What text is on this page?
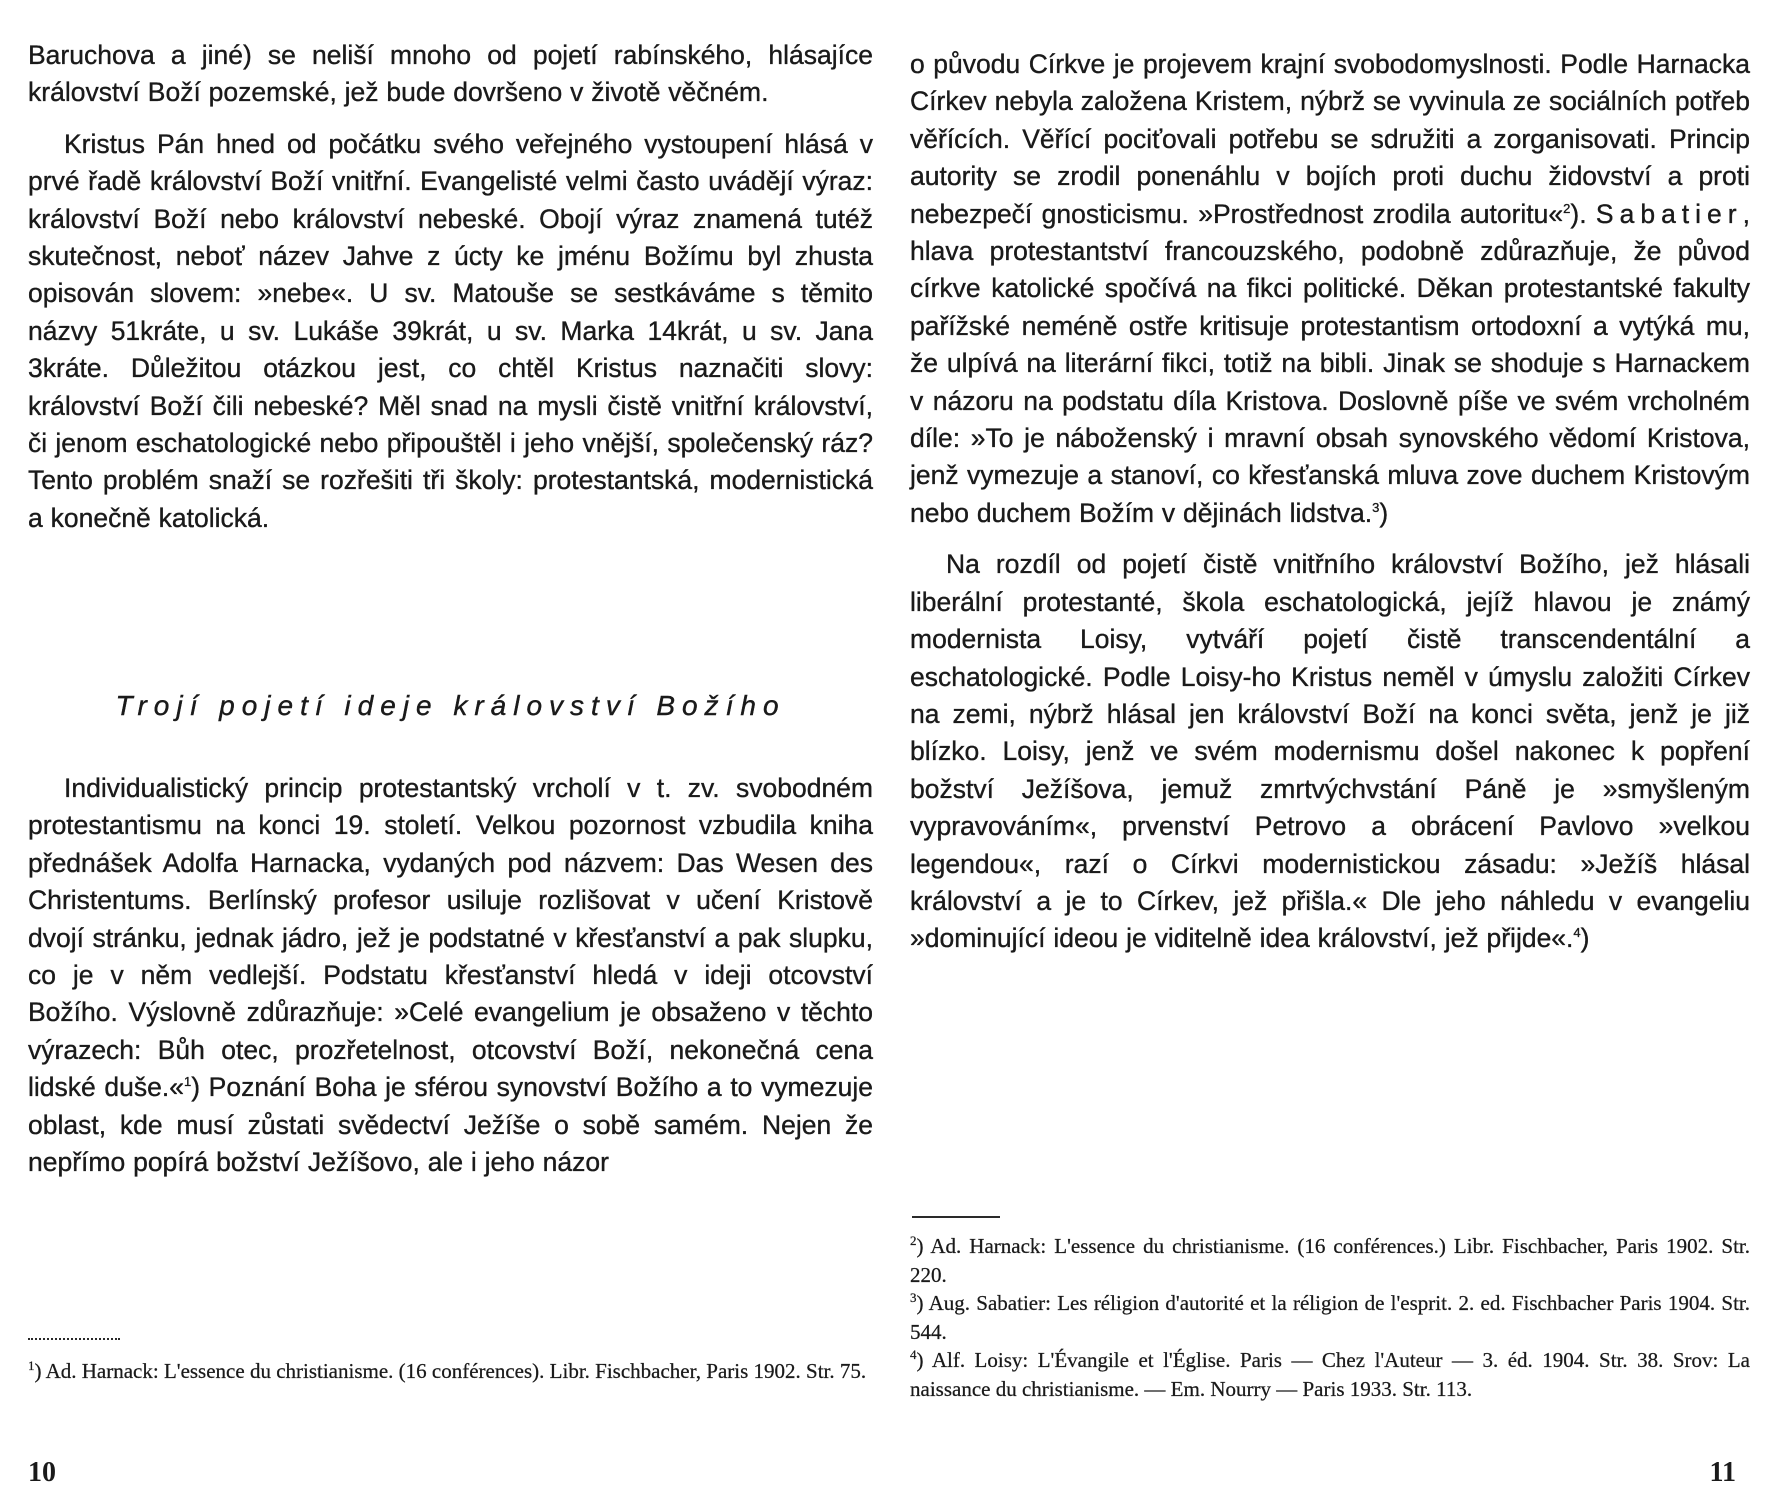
Baruchova a jiné) se neliší mnoho od pojetí rabínského, hlásajíce království Boží pozemské, jež bude dovršeno v životě věčném.

Kristus Pán hned od počátku svého veřejného vystoupení hlásá v prvé řadě království Boží vnitřní. Evangelisté velmi často uvádějí výraz: království Boží nebo království nebeské. Obojí výraz znamená tutéž skutečnost, neboť název Jahve z úcty ke jménu Božímu byl zhusta opisován slovem: »nebe«. U sv. Matouše se sestkáváme s těmito názvy 51kráte, u sv. Lukáše 39krát, u sv. Marka 14krát, u sv. Jana 3kráte. Důležitou otázkou jest, co chtěl Kristus naznačiti slovy: království Boží čili nebeské? Měl snad na mysli čistě vnitřní království, či jenom eschatologické nebo připouštěl i jeho vnější, společenský ráz? Tento problém snaží se rozřešiti tři školy: protestantská, modernistická a konečně katolická.

Trojí pojetí ideje království Božího

Individualistický princip protestantský vrcholí v t. zv. svobodném protestantismu na konci 19. století. Velkou pozornost vzbudila kniha přednášek Adolfa Harnacka, vydaných pod názvem: Das Wesen des Christentums. Berlínský profesor usiluje rozlišovat v učení Kristově dvojí stránku, jednak jádro, jež je podstatné v křesťanství a pak slupku, co je v něm vedlejší. Podstatu křesťanství hledá v ideji otcovství Božího. Výslovně zdůrazňuje: »Celé evangelium je obsaženo v těchto výrazech: Bůh otec, prozřetelnost, otcovství Boží, nekonečná cena lidské duše.«$^1$) Poznání Boha je sférou synovství Božího a to vymezuje oblast, kde musí zůstati svědectví Ježíše o sobě samém. Nejen že nepřímo popírá božství Ježíšovo, ale i jeho názor

$^1$) Ad. Harnack: L'essence du christianisme. (16 conférences). Libr. Fischbacher, Paris 1902. Str. 75.

10

o původu Církve je projevem krajní svobodomyslnosti. Podle Harnacka Církev nebyla založena Kristem, nýbrž se vyvinula ze sociálních potřeb věřících. Věřící pociťovali potřebu se sdružiti a zorganisovati. Princip autority se zrodil ponenáhlu v bojích proti duchu židovství a proti nebezpečí gnosticismu. »Prostřednost zrodila autoritu«$^2$). Sabatier, hlava protestantství francouzského, podobně zdůrazňuje, že původ církve katolické spočívá na fikci politické. Děkan protestantské fakulty pařížské neméně ostře kritisuje protestantism ortodoxní a vytýká mu, že ulpívá na literární fikci, totiž na bibli. Jinak se shoduje s Harnackem v názoru na podstatu díla Kristova. Doslovně píše ve svém vrcholném díle: »To je náboženský i mravní obsah synovského vědomí Kristova, jenž vymezuje a stanoví, co křesťanská mluva zove duchem Kristovým nebo duchem Božím v dějinách lidstva.$^3$)

Na rozdíl od pojetí čistě vnitřního království Božího, jež hlásali liberální protestanté, škola eschatologická, jejíž hlavou je známý modernista Loisy, vytváří pojetí čistě transcendentální a eschatologické. Podle Loisy-ho Kristus neměl v úmyslu založiti Církev na zemi, nýbrž hlásal jen království Boží na konci světa, jenž je již blízko. Loisy, jenž ve svém modernismu došel nakonec k popření božství Ježíšova, jemuž zmrtvýchvstání Páně je »smyšleným vypravováním«, prvenství Petrovo a obrácení Pavlovo »velkou legendou«, razí o Církvi modernistickou zásadu: »Ježíš hlásal království a je to Církev, jež přišla.« Dle jeho náhledu v evangeliu »dominující ideou je viditelně idea království, jež přijde«.$^4$)

$^2$) Ad. Harnack: L'essence du christianisme. (16 conférences.) Libr. Fischbacher, Paris 1902. Str. 220.

$^3$) Aug. Sabatier: Les réligion d'autorité et la réligion de l'esprit. 2. ed. Fischbacher Paris 1904. Str. 544.

$^4$) Alf. Loisy: L'Évangile et l'Église. Paris — Chez l'Auteur — 3. éd. 1904. Str. 38. Srov: La naissance du christianisme. — Em. Nourry — Paris 1933. Str. 113.

11
